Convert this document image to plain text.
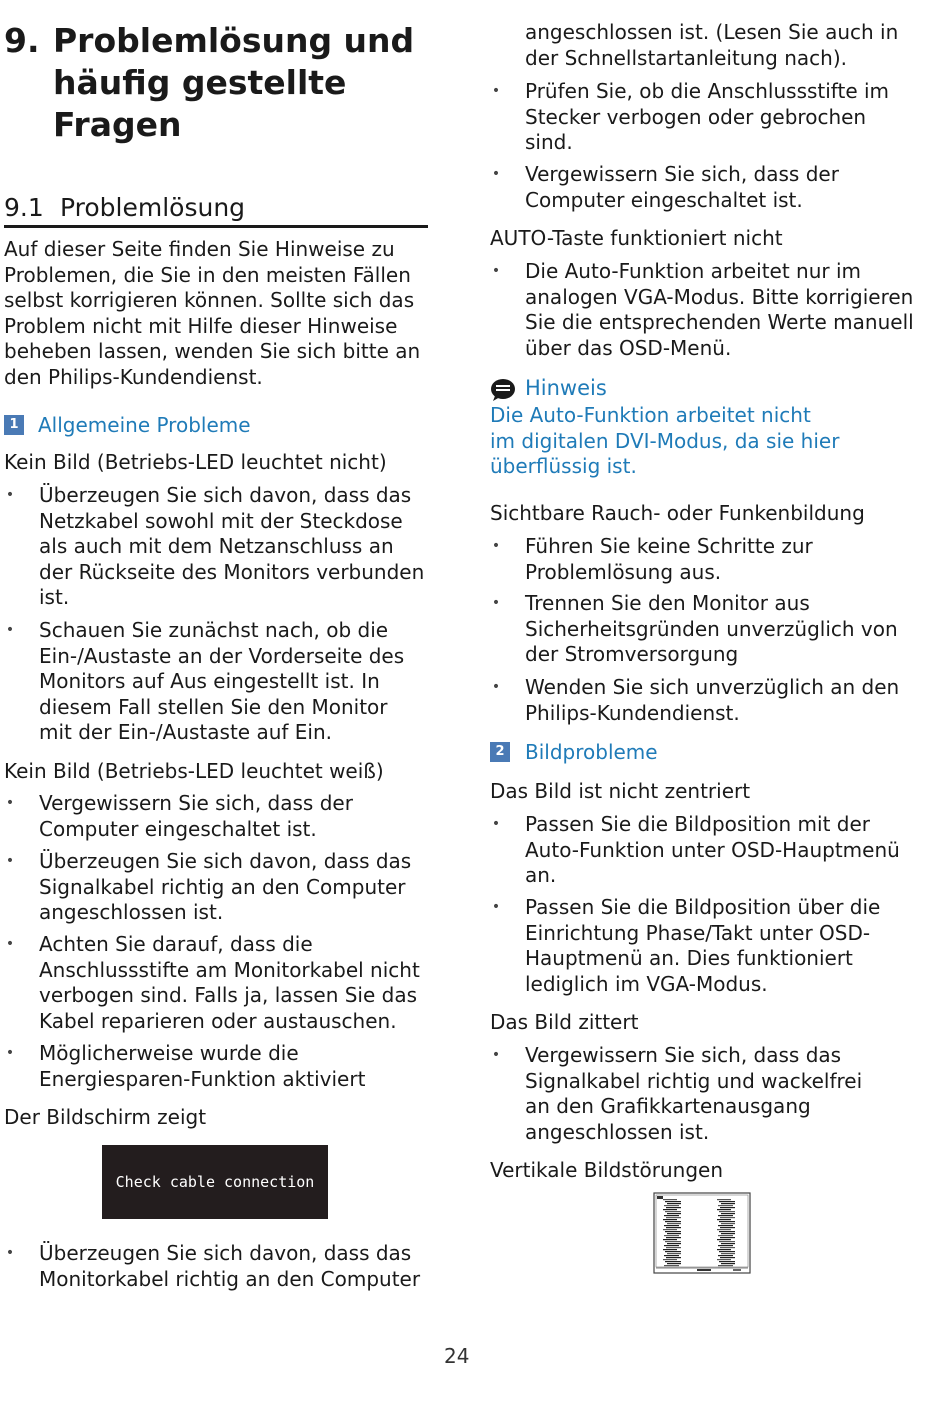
9. Problemlösung und
häufig gestellte
Fragen
9.1 Problemlösung
Auf dieser Seite finden Sie Hinweise zu
Problemen, die Sie in den meisten Fällen
selbst korrigieren können. Sollte sich das
Problem nicht mit Hilfe dieser Hinweise
beheben lassen, wenden Sie sich bitte an
den Philips-Kundendienst.
1 Allgemeine Probleme
Kein Bild (Betriebs-LED leuchtet nicht)
• Überzeugen Sie sich davon, dass das
Netzkabel sowohl mit der Steckdose
als auch mit dem Netzanschluss an
der Rückseite des Monitors verbunden
ist.
• Schauen Sie zunächst nach, ob die
Ein-/Austaste an der Vorderseite des
Monitors auf Aus eingestellt ist. In
diesem Fall stellen Sie den Monitor
mit der Ein-/Austaste auf Ein.
Kein Bild (Betriebs-LED leuchtet weiß)
• Vergewissern Sie sich, dass der
Computer eingeschaltet ist.
• Überzeugen Sie sich davon, dass das
Signalkabel richtig an den Computer
angeschlossen ist.
• Achten Sie darauf, dass die
Anschlussstifte am Monitorkabel nicht
verbogen sind. Falls ja, lassen Sie das
Kabel reparieren oder austauschen.
• Möglicherweise wurde die
Energiesparen-Funktion aktiviert
Der Bildschirm zeigt
Check cable connection
• Überzeugen Sie sich davon, dass das
Monitorkabel richtig an den Computer
angeschlossen ist. (Lesen Sie auch in
der Schnellstartanleitung nach).
• Prüfen Sie, ob die Anschlussstifte im
Stecker verbogen oder gebrochen
sind.
• Vergewissern Sie sich, dass der
Computer eingeschaltet ist.
AUTO-Taste funktioniert nicht
• Die Auto-Funktion arbeitet nur im
analogen VGA-Modus. Bitte korrigieren
Sie die entsprechenden Werte manuell
über das OSD-Menü.
Hinweis
Die Auto-Funktion arbeitet nicht
im digitalen DVI-Modus, da sie hier
überflüssig ist.
Sichtbare Rauch- oder Funkenbildung
• Führen Sie keine Schritte zur
Problemlösung aus.
• Trennen Sie den Monitor aus
Sicherheitsgründen unverzüglich von
der Stromversorgung
• Wenden Sie sich unverzüglich an den
Philips-Kundendienst.
2 Bildprobleme
Das Bild ist nicht zentriert
• Passen Sie die Bildposition mit der
Auto-Funktion unter OSD-Hauptmenü
an.
• Passen Sie die Bildposition über die
Einrichtung Phase/Takt unter OSD-
Hauptmenü an. Dies funktioniert
lediglich im VGA-Modus.
Das Bild zittert
• Vergewissern Sie sich, dass das
Signalkabel richtig und wackelfrei
an den Grafikkartenausgang
angeschlossen ist.
Vertikale Bildstörungen
24
